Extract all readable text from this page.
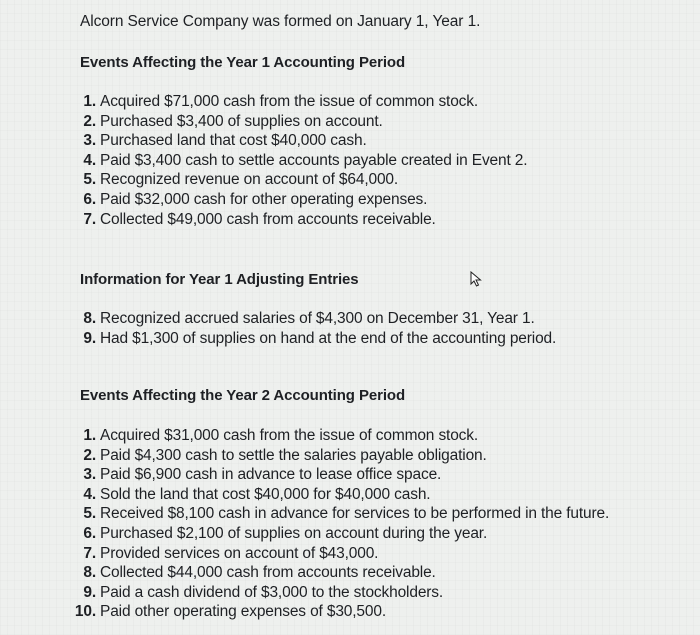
Alcorn Service Company was formed on January 1, Year 1.
Events Affecting the Year 1 Accounting Period
1. Acquired $71,000 cash from the issue of common stock.
2. Purchased $3,400 of supplies on account.
3. Purchased land that cost $40,000 cash.
4. Paid $3,400 cash to settle accounts payable created in Event 2.
5. Recognized revenue on account of $64,000.
6. Paid $32,000 cash for other operating expenses.
7. Collected $49,000 cash from accounts receivable.
Information for Year 1 Adjusting Entries
8. Recognized accrued salaries of $4,300 on December 31, Year 1.
9. Had $1,300 of supplies on hand at the end of the accounting period.
Events Affecting the Year 2 Accounting Period
1. Acquired $31,000 cash from the issue of common stock.
2. Paid $4,300 cash to settle the salaries payable obligation.
3. Paid $6,900 cash in advance to lease office space.
4. Sold the land that cost $40,000 for $40,000 cash.
5. Received $8,100 cash in advance for services to be performed in the future.
6. Purchased $2,100 of supplies on account during the year.
7. Provided services on account of $43,000.
8. Collected $44,000 cash from accounts receivable.
9. Paid a cash dividend of $3,000 to the stockholders.
10. Paid other operating expenses of $30,500.
